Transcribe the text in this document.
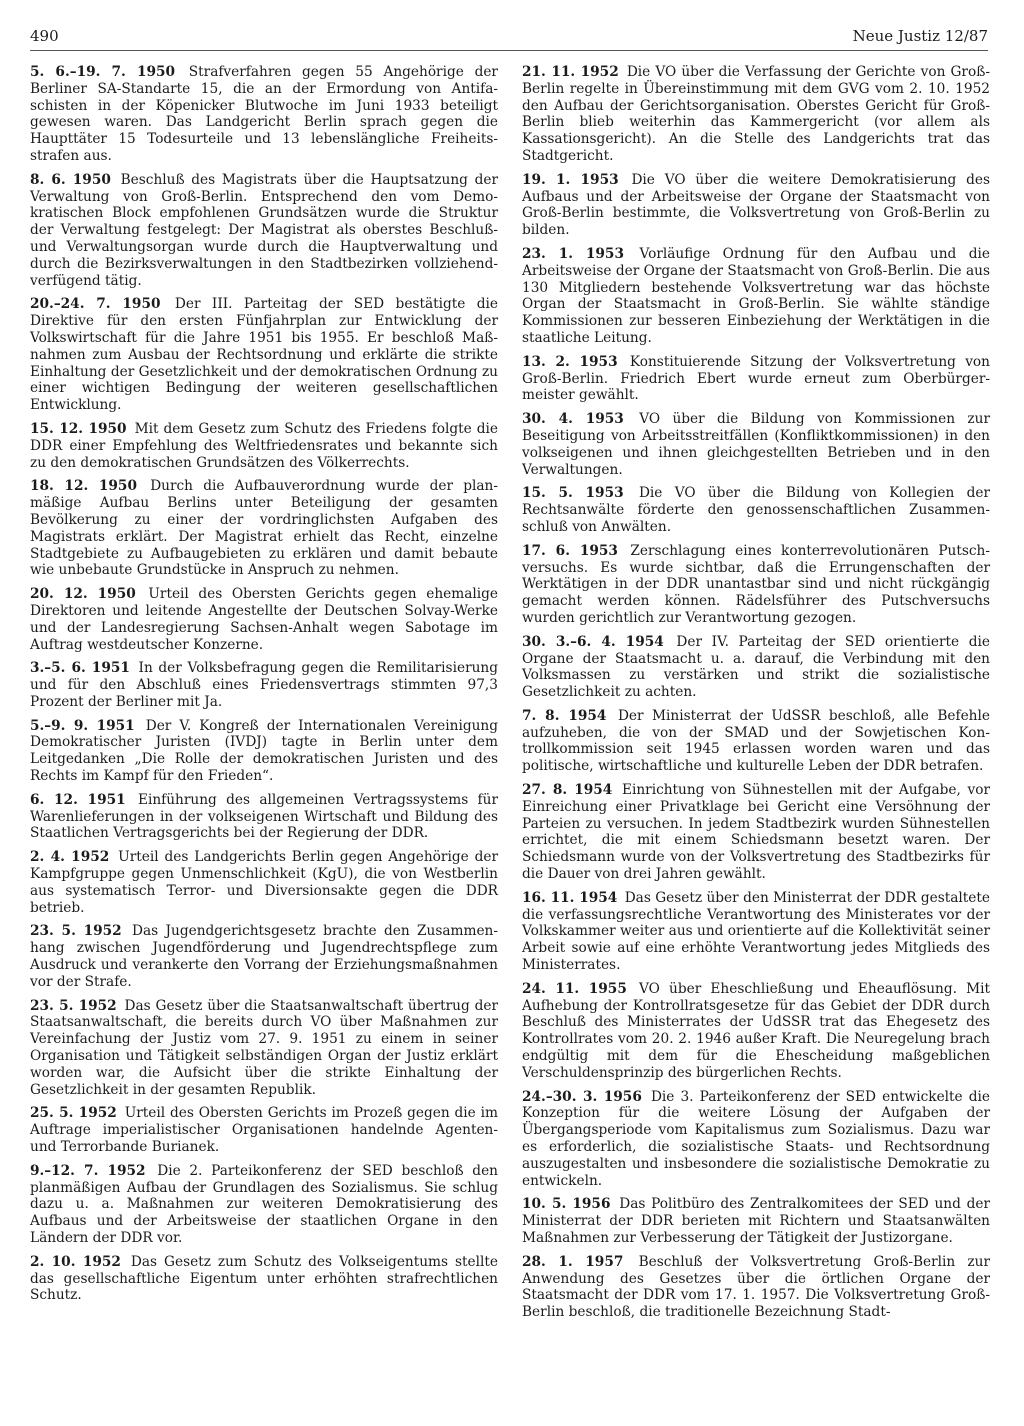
490	Neue Justiz 12/87

5. 6.–19. 7. 1950 Strafverfahren gegen 55 Angehörige der Berliner SA-Standarte 15, die an der Ermordung von Antifaschisten in der Köpenicker Blutwoche im Juni 1933 beteiligt gewesen waren. Das Landgericht Berlin sprach gegen die Haupttäter 15 Todesurteile und 13 lebenslängliche Freiheitsstrafen aus.

8. 6. 1950 Beschluß des Magistrats über die Hauptsatzung der Verwaltung von Groß-Berlin. Entsprechend den vom Demokratischen Block empfohlenen Grundsätzen wurde die Struktur der Verwaltung festgelegt: Der Magistrat als oberstes Beschluß- und Verwaltungsorgan wurde durch die Hauptverwaltung und durch die Bezirksverwaltungen in den Stadtbezirken vollziehend-verfügend tätig.

20.–24. 7. 1950 Der III. Parteitag der SED bestätigte die Direktive für den ersten Fünfjahrplan zur Entwicklung der Volkswirtschaft für die Jahre 1951 bis 1955. Er beschloß Maßnahmen zum Ausbau der Rechtsordnung und erklärte die strikte Einhaltung der Gesetzlichkeit und der demokratischen Ordnung zu einer wichtigen Bedingung der weiteren gesellschaftlichen Entwicklung.

15. 12. 1950 Mit dem Gesetz zum Schutz des Friedens folgte die DDR einer Empfehlung des Weltfriedensrates und bekannte sich zu den demokratischen Grundsätzen des Völkerrechts.

18. 12. 1950 Durch die Aufbauverordnung wurde der planmäßige Aufbau Berlins unter Beteiligung der gesamten Bevölkerung zu einer der vordringlichsten Aufgaben des Magistrats erklärt. Der Magistrat erhielt das Recht, einzelne Stadtgebiete zu Aufbaugebieten zu erklären und damit bebaute wie unbebaute Grundstücke in Anspruch zu nehmen.

20. 12. 1950 Urteil des Obersten Gerichts gegen ehemalige Direktoren und leitende Angestellte der Deutschen Solvay-Werke und der Landesregierung Sachsen-Anhalt wegen Sabotage im Auftrag westdeutscher Konzerne.

3.–5. 6. 1951 In der Volksbefragung gegen die Remilitarisierung und für den Abschluß eines Friedensvertrags stimmten 97,3 Prozent der Berliner mit Ja.

5.–9. 9. 1951 Der V. Kongreß der Internationalen Vereinigung Demokratischer Juristen (IVDJ) tagte in Berlin unter dem Leitgedanken „Die Rolle der demokratischen Juristen und des Rechts im Kampf für den Frieden“.

6. 12. 1951 Einführung des allgemeinen Vertragssystems für Warenlieferungen in der volkseigenen Wirtschaft und Bildung des Staatlichen Vertragsgerichts bei der Regierung der DDR.

2. 4. 1952 Urteil des Landgerichts Berlin gegen Angehörige der Kampfgruppe gegen Unmenschlichkeit (KgU), die von Westberlin aus systematisch Terror- und Diversionsakte gegen die DDR betrieb.

23. 5. 1952 Das Jugendgerichtsgesetz brachte den Zusammenhang zwischen Jugendförderung und Jugendrechtspflege zum Ausdruck und verankerte den Vorrang der Erziehungsmaßnahmen vor der Strafe.

23. 5. 1952 Das Gesetz über die Staatsanwaltschaft übertrug der Staatsanwaltschaft, die bereits durch VO über Maßnahmen zur Vereinfachung der Justiz vom 27. 9. 1951 zu einem in seiner Organisation und Tätigkeit selbständigen Organ der Justiz erklärt worden war, die Aufsicht über die strikte Einhaltung der Gesetzlichkeit in der gesamten Republik.

25. 5. 1952 Urteil des Obersten Gerichts im Prozeß gegen die im Auftrage imperialistischer Organisationen handelnde Agenten- und Terrorbande Burianek.

9.–12. 7. 1952 Die 2. Parteikonferenz der SED beschloß den planmäßigen Aufbau der Grundlagen des Sozialismus. Sie schlug dazu u. a. Maßnahmen zur weiteren Demokratisierung des Aufbaus und der Arbeitsweise der staatlichen Organe in den Ländern der DDR vor.

2. 10. 1952 Das Gesetz zum Schutz des Volkseigentums stellte das gesellschaftliche Eigentum unter erhöhten strafrechtlichen Schutz.

21. 11. 1952 Die VO über die Verfassung der Gerichte von Groß-Berlin regelte in Übereinstimmung mit dem GVG vom 2. 10. 1952 den Aufbau der Gerichtsorganisation. Oberstes Gericht für Groß-Berlin blieb weiterhin das Kammergericht (vor allem als Kassationsgericht). An die Stelle des Landgerichts trat das Stadtgericht.

19. 1. 1953 Die VO über die weitere Demokratisierung des Aufbaus und der Arbeitsweise der Organe der Staatsmacht von Groß-Berlin bestimmte, die Volksvertretung von Groß-Berlin zu bilden.

23. 1. 1953 Vorläufige Ordnung für den Aufbau und die Arbeitsweise der Organe der Staatsmacht von Groß-Berlin. Die aus 130 Mitgliedern bestehende Volksvertretung war das höchste Organ der Staatsmacht in Groß-Berlin. Sie wählte ständige Kommissionen zur besseren Einbeziehung der Werktätigen in die staatliche Leitung.

13. 2. 1953 Konstituierende Sitzung der Volksvertretung von Groß-Berlin. Friedrich Ebert wurde erneut zum Oberbürgermeister gewählt.

30. 4. 1953 VO über die Bildung von Kommissionen zur Beseitigung von Arbeitsstreitfällen (Konfliktkommissionen) in den volkseigenen und ihnen gleichgestellten Betrieben und in den Verwaltungen.

15. 5. 1953 Die VO über die Bildung von Kollegien der Rechtsanwälte förderte den genossenschaftlichen Zusammenschluß von Anwälten.

17. 6. 1953 Zerschlagung eines konterrevolutionären Putschversuchs. Es wurde sichtbar, daß die Errungenschaften der Werktätigen in der DDR unantastbar sind und nicht rückgängig gemacht werden können. Rädelsführer des Putschversuchs wurden gerichtlich zur Verantwortung gezogen.

30. 3.–6. 4. 1954 Der IV. Parteitag der SED orientierte die Organe der Staatsmacht u. a. darauf, die Verbindung mit den Volksmassen zu verstärken und strikt die sozialistische Gesetzlichkeit zu achten.

7. 8. 1954 Der Ministerrat der UdSSR beschloß, alle Befehle aufzuheben, die von der SMAD und der Sowjetischen Kontrollkommission seit 1945 erlassen worden waren und das politische, wirtschaftliche und kulturelle Leben der DDR betrafen.

27. 8. 1954 Einrichtung von Sühnestellen mit der Aufgabe, vor Einreichung einer Privatklage bei Gericht eine Versöhnung der Parteien zu versuchen. In jedem Stadtbezirk wurden Sühnestellen errichtet, die mit einem Schiedsmann besetzt waren. Der Schiedsmann wurde von der Volksvertretung des Stadtbezirks für die Dauer von drei Jahren gewählt.

16. 11. 1954 Das Gesetz über den Ministerrat der DDR gestaltete die verfassungsrechtliche Verantwortung des Ministerates vor der Volkskammer weiter aus und orientierte auf die Kollektivität seiner Arbeit sowie auf eine erhöhte Verantwortung jedes Mitglieds des Ministerrates.

24. 11. 1955 VO über Eheschließung und Eheauflösung. Mit Aufhebung der Kontrollratsgesetze für das Gebiet der DDR durch Beschluß des Ministerrates der UdSSR trat das Ehegesetz des Kontrollrates vom 20. 2. 1946 außer Kraft. Die Neuregelung brach endgültig mit dem für die Ehescheidung maßgeblichen Verschuldensprinzip des bürgerlichen Rechts.

24.–30. 3. 1956 Die 3. Parteikonferenz der SED entwickelte die Konzeption für die weitere Lösung der Aufgaben der Übergangsperiode vom Kapitalismus zum Sozialismus. Dazu war es erforderlich, die sozialistische Staats- und Rechtsordnung auszugestalten und insbesondere die sozialistische Demokratie zu entwickeln.

10. 5. 1956 Das Politbüro des Zentralkomitees der SED und der Ministerrat der DDR berieten mit Richtern und Staatsanwälten Maßnahmen zur Verbesserung der Tätigkeit der Justizorgane.

28. 1. 1957 Beschluß der Volksvertretung Groß-Berlin zur Anwendung des Gesetzes über die örtlichen Organe der Staatsmacht der DDR vom 17. 1. 1957. Die Volksvertretung Groß-Berlin beschloß, die traditionelle Bezeichnung Stadt-
